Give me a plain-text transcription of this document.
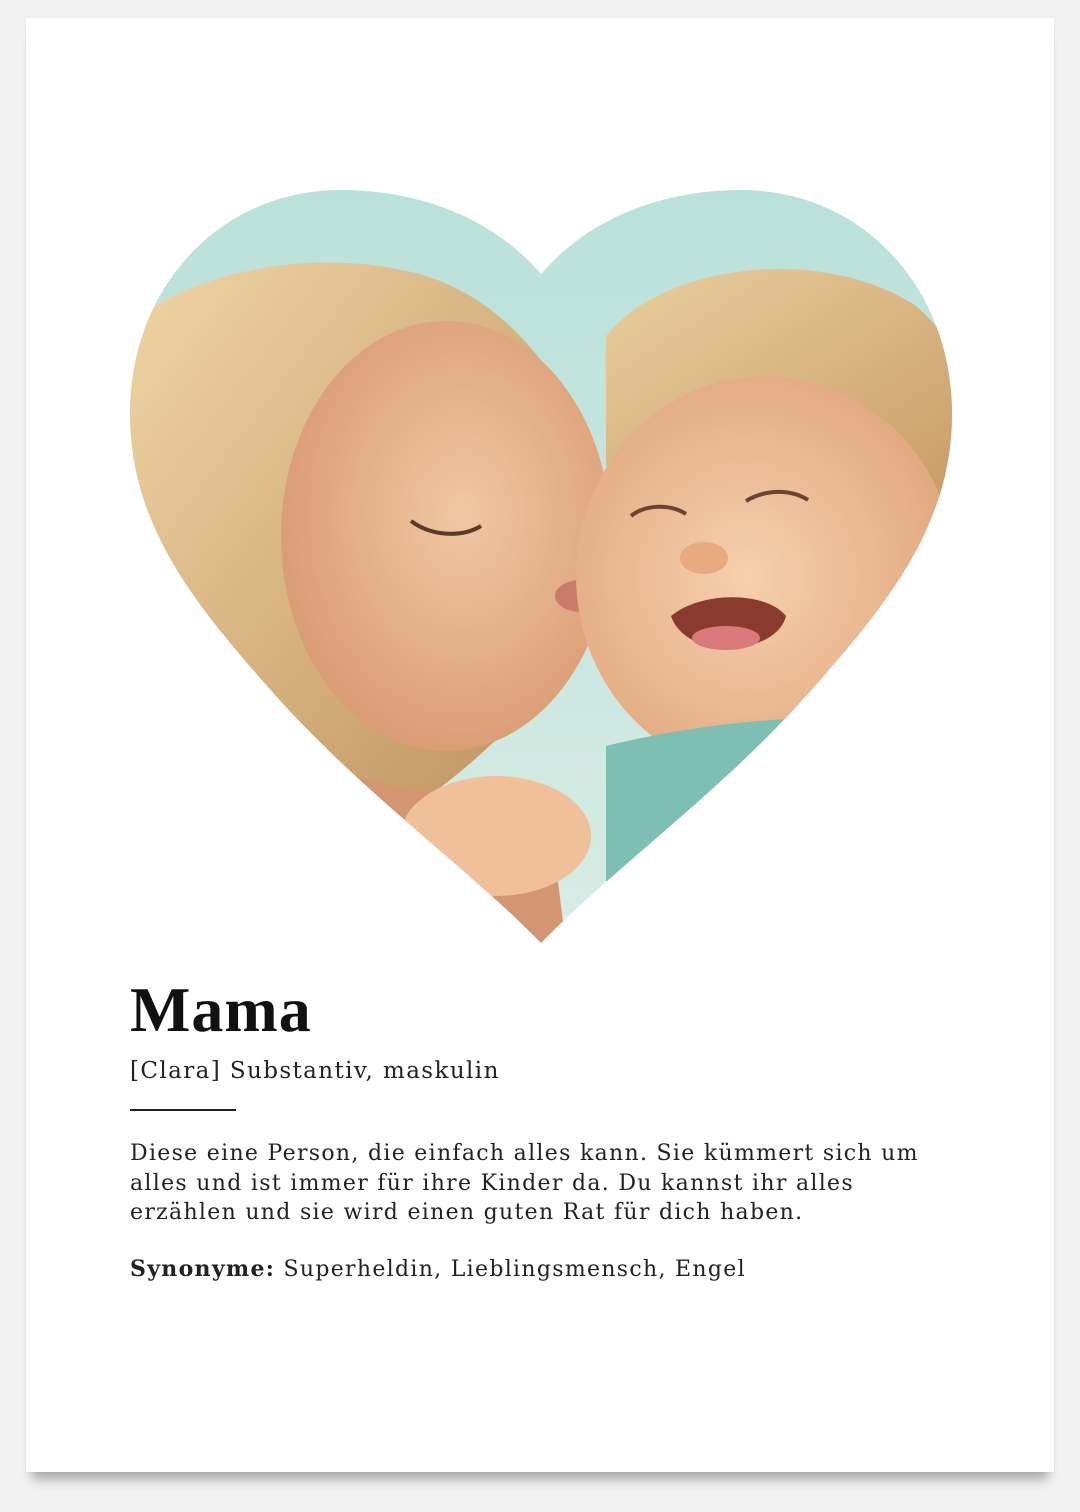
Mama
[Clara] Substantiv, maskulin
Diese eine Person, die einfach alles kann. Sie kümmert sich um
alles und ist immer für ihre Kinder da. Du kannst ihr alles
erzählen und sie wird einen guten Rat für dich haben.
Synonyme: Superheldin, Lieblingsmensch, Engel
